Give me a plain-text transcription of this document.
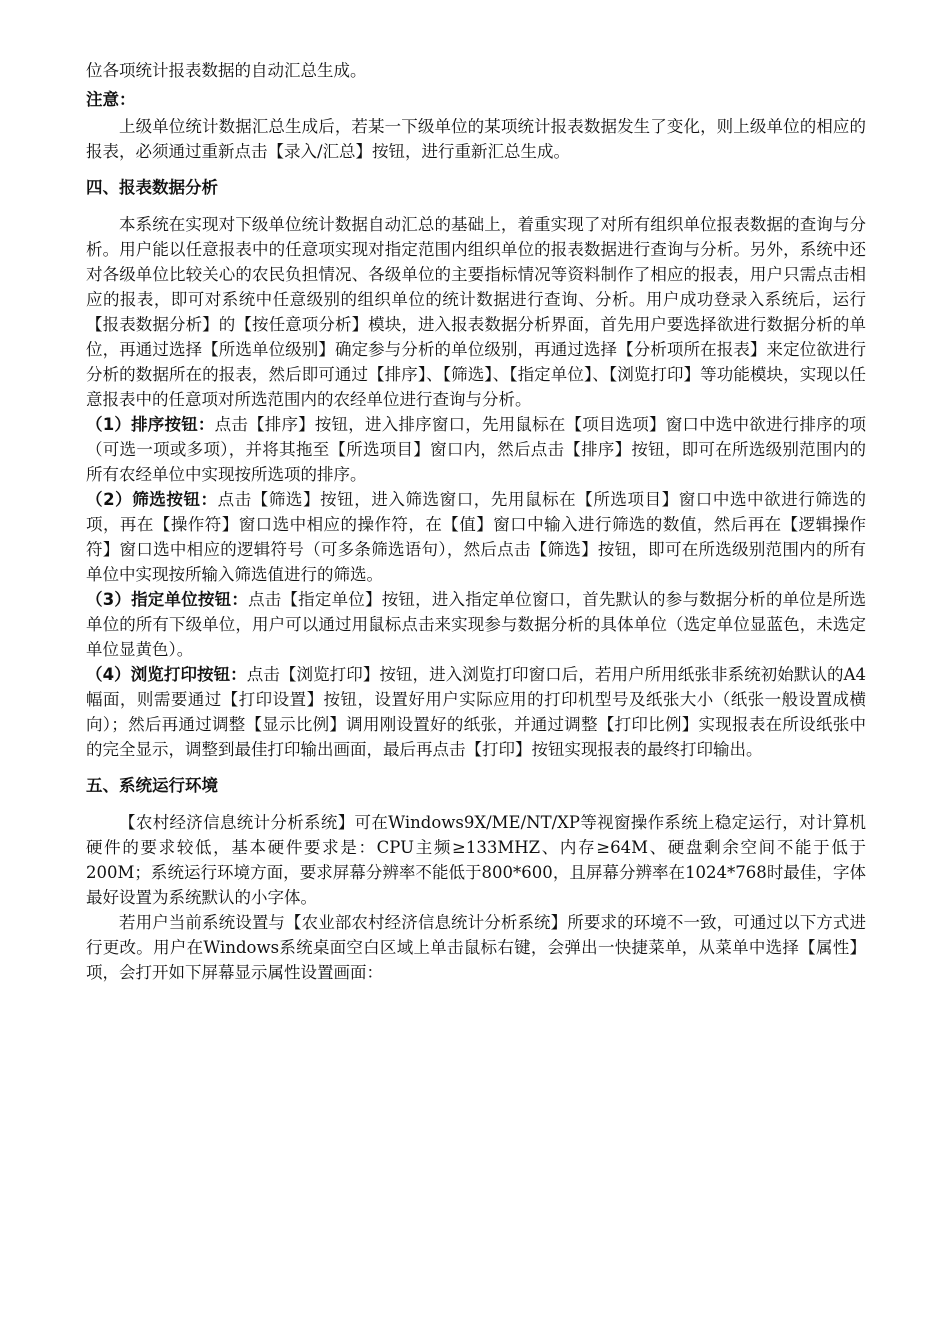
位各项统计报表数据的自动汇总生成。

注意：

上级单位统计数据汇总生成后，若某一下级单位的某项统计报表数据发生了变化，则上级单位的相应的报表，必须通过重新点击【录入/汇总】按钮，进行重新汇总生成。

四、报表数据分析

本系统在实现对下级单位统计数据自动汇总的基础上，着重实现了对所有组织单位报表数据的查询与分析。用户能以任意报表中的任意项实现对指定范围内组织单位的报表数据进行查询与分析。另外，系统中还对各级单位比较关心的农民负担情况、各级单位的主要指标情况等资料制作了相应的报表，用户只需点击相应的报表，即可对系统中任意级别的组织单位的统计数据进行查询、分析。用户成功登录入系统后，运行【报表数据分析】的【按任意项分析】模块，进入报表数据分析界面，首先用户要选择欲进行数据分析的单位，再通过选择【所选单位级别】确定参与分析的单位级别，再通过选择【分析项所在报表】来定位欲进行分析的数据所在的报表，然后即可通过【排序】、【筛选】、【指定单位】、【浏览打印】等功能模块，实现以任意报表中的任意项对所选范围内的农经单位进行查询与分析。

（1）排序按钮：点击【排序】按钮，进入排序窗口，先用鼠标在【项目选项】窗口中选中欲进行排序的项（可选一项或多项），并将其拖至【所选项目】窗口内，然后点击【排序】按钮，即可在所选级别范围内的所有农经单位中实现按所选项的排序。

（2）筛选按钮：点击【筛选】按钮，进入筛选窗口，先用鼠标在【所选项目】窗口中选中欲进行筛选的项，再在【操作符】窗口选中相应的操作符，在【值】窗口中输入进行筛选的数值，然后再在【逻辑操作符】窗口选中相应的逻辑符号（可多条筛选语句），然后点击【筛选】按钮，即可在所选级别范围内的所有单位中实现按所输入筛选值进行的筛选。

（3）指定单位按钮：点击【指定单位】按钮，进入指定单位窗口，首先默认的参与数据分析的单位是所选单位的所有下级单位，用户可以通过用鼠标点击来实现参与数据分析的具体单位（选定单位显蓝色，未选定单位显黄色）。

（4）浏览打印按钮：点击【浏览打印】按钮，进入浏览打印窗口后，若用户所用纸张非系统初始默认的A4幅面，则需要通过【打印设置】按钮，设置好用户实际应用的打印机型号及纸张大小（纸张一般设置成横向）；然后再通过调整【显示比例】调用刚设置好的纸张，并通过调整【打印比例】实现报表在所设纸张中的完全显示，调整到最佳打印输出画面，最后再点击【打印】按钮实现报表的最终打印输出。

五、系统运行环境

【农村经济信息统计分析系统】可在Windows9X/ME/NT/XP等视窗操作系统上稳定运行，对计算机硬件的要求较低，基本硬件要求是：CPU主频≥133MHZ、内存≥64M、硬盘剩余空间不能于低于200M；系统运行环境方面，要求屏幕分辨率不能低于800*600，且屏幕分辨率在1024*768时最佳，字体最好设置为系统默认的小字体。

若用户当前系统设置与【农业部农村经济信息统计分析系统】所要求的环境不一致，可通过以下方式进行更改。用户在Windows系统桌面空白区域上单击鼠标右键，会弹出一快捷菜单，从菜单中选择【属性】项，会打开如下屏幕显示属性设置画面：
